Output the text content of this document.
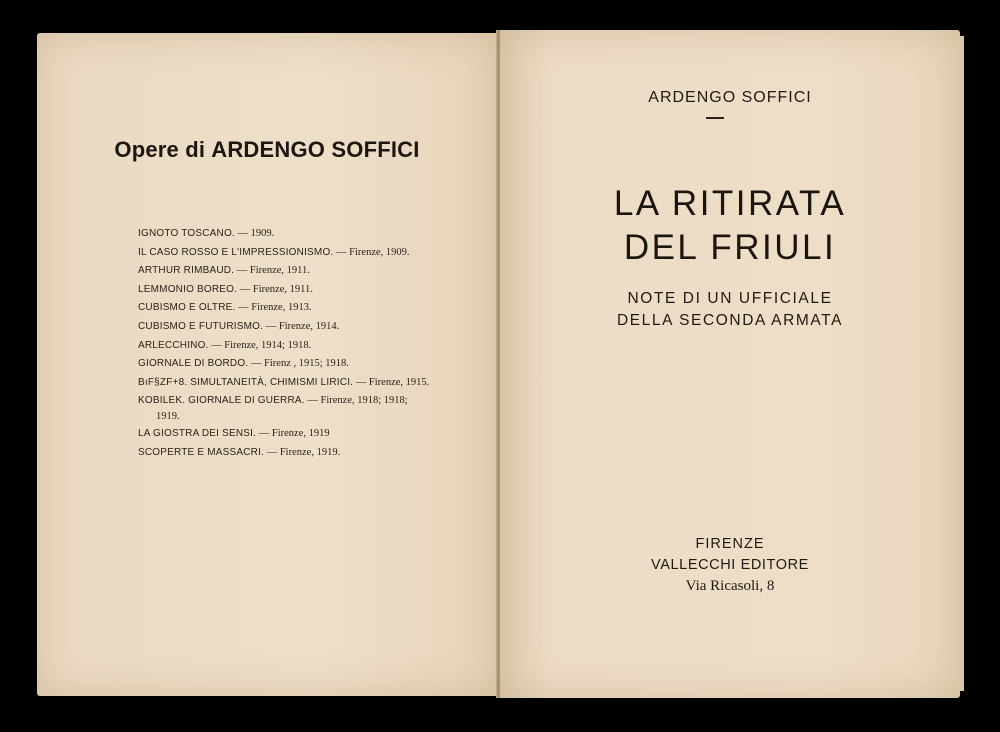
Opere di ARDENGO SOFFICI
IGNOTO TOSCANO. — 1909.
IL CASO ROSSO E L'IMPRESSIONISMO. — Firenze, 1909.
ARTHUR RIMBAUD. — Firenze, 1911.
LEMMONIO BOREO. — Firenze, 1911.
CUBISMO E OLTRE. — Firenze, 1913.
CUBISMO E FUTURISMO. — Firenze, 1914.
ARLECCHINO. — Firenze, 1914; 1918.
GIORNALE DI BORDO. — Firenz , 1915; 1918.
BıF§ZF+8. SIMULTANEITÀ, CHIMISMI LIRICI. — Firenze, 1915.
KOBILEK. GIORNALE DI GUERRA. — Firenze, 1918; 1918;
1919.
LA GIOSTRA DEI SENSI. — Firenze, 1919
SCOPERTE E MASSACRI. — Firenze, 1919.
ARDENGO SOFFICI
LA RITIRATA
DEL FRIULI
NOTE DI UN UFFICIALE
DELLA SECONDA ARMATA
FIRENZE
VALLECCHI EDITORE
Via Ricasoli, 8
